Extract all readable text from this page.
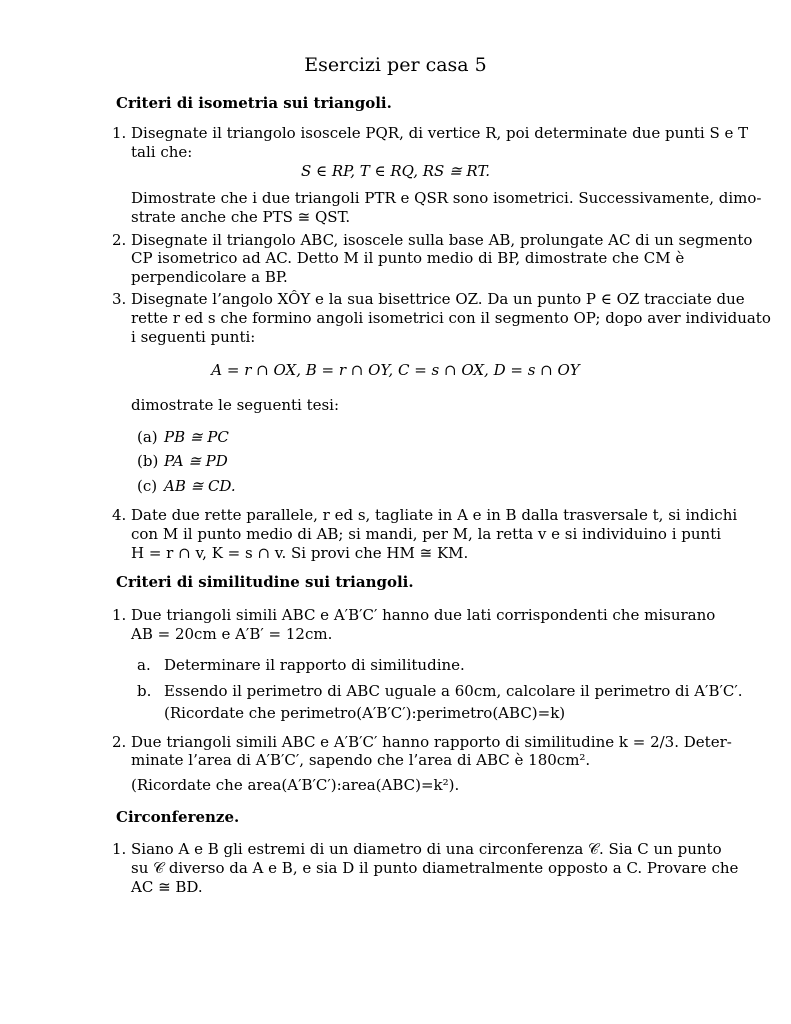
Esercizi per casa 5
Criteri di isometria sui triangoli.
1. Disegnate il triangolo isoscele PQR, di vertice R, poi determinate due punti S e T
tali che:
S ∈ RP, T ∈ RQ, RS ≅ RT.
Dimostrate che i due triangoli PTR e QSR sono isometrici. Successivamente, dimo-
strate anche che PTS ≅ QST.
2. Disegnate il triangolo ABC, isoscele sulla base AB, prolungate AC di un segmento
CP isometrico ad AC. Detto M il punto medio di BP, dimostrate che CM è
perpendicolare a BP.
3. Disegnate l’angolo XÔY e la sua bisettrice OZ. Da un punto P ∈ OZ tracciate due
rette r ed s che formino angoli isometrici con il segmento OP; dopo aver individuato
i seguenti punti:
A = r ∩ OX, B = r ∩ OY, C = s ∩ OX, D = s ∩ OY
dimostrate le seguenti tesi:
(a) PB ≅ PC
(b) PA ≅ PD
(c) AB ≅ CD.
4. Date due rette parallele, r ed s, tagliate in A e in B dalla trasversale t, si indichi
con M il punto medio di AB; si mandi, per M, la retta v e si individuino i punti
H = r ∩ v, K = s ∩ v. Si provi che HM ≅ KM.
Criteri di similitudine sui triangoli.
1. Due triangoli simili ABC e A′B′C′ hanno due lati corrispondenti che misurano
AB = 20cm e A′B′ = 12cm.
a. Determinare il rapporto di similitudine.
b. Essendo il perimetro di ABC uguale a 60cm, calcolare il perimetro di A′B′C′.
(Ricordate che perimetro(A′B′C′):perimetro(ABC)=k)
2. Due triangoli simili ABC e A′B′C′ hanno rapporto di similitudine k = 2/3. Deter-
minate l’area di A′B′C′, sapendo che l’area di ABC è 180cm².
(Ricordate che area(A′B′C′):area(ABC)=k²).
Circonferenze.
1. Siano A e B gli estremi di un diametro di una circonferenza 𝒞. Sia C un punto
su 𝒞 diverso da A e B, e sia D il punto diametralmente opposto a C. Provare che
AC ≅ BD.
